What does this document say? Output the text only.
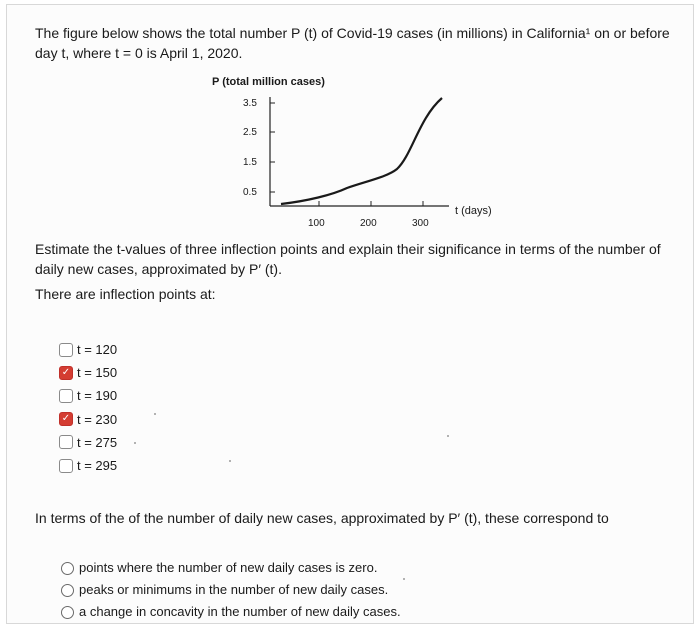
The figure below shows the total number P (t) of Covid-19 cases (in millions) in California¹ on or before
day t, where t = 0 is April 1, 2020.
P (total million cases)
3.5
2.5
1.5
0.5
100	200	300
t (days)
Estimate the t-values of three inflection points and explain their significance in terms of the number of
daily new cases, approximated by P′ (t).
There are inflection points at:
t = 120
✓ t = 150
t = 190
✓ t = 230
t = 275
t = 295
In terms of the of the number of daily new cases, approximated by P′ (t), these correspond to
points where the number of new daily cases is zero.
peaks or minimums in the number of new daily cases.
a change in concavity in the number of new daily cases.
